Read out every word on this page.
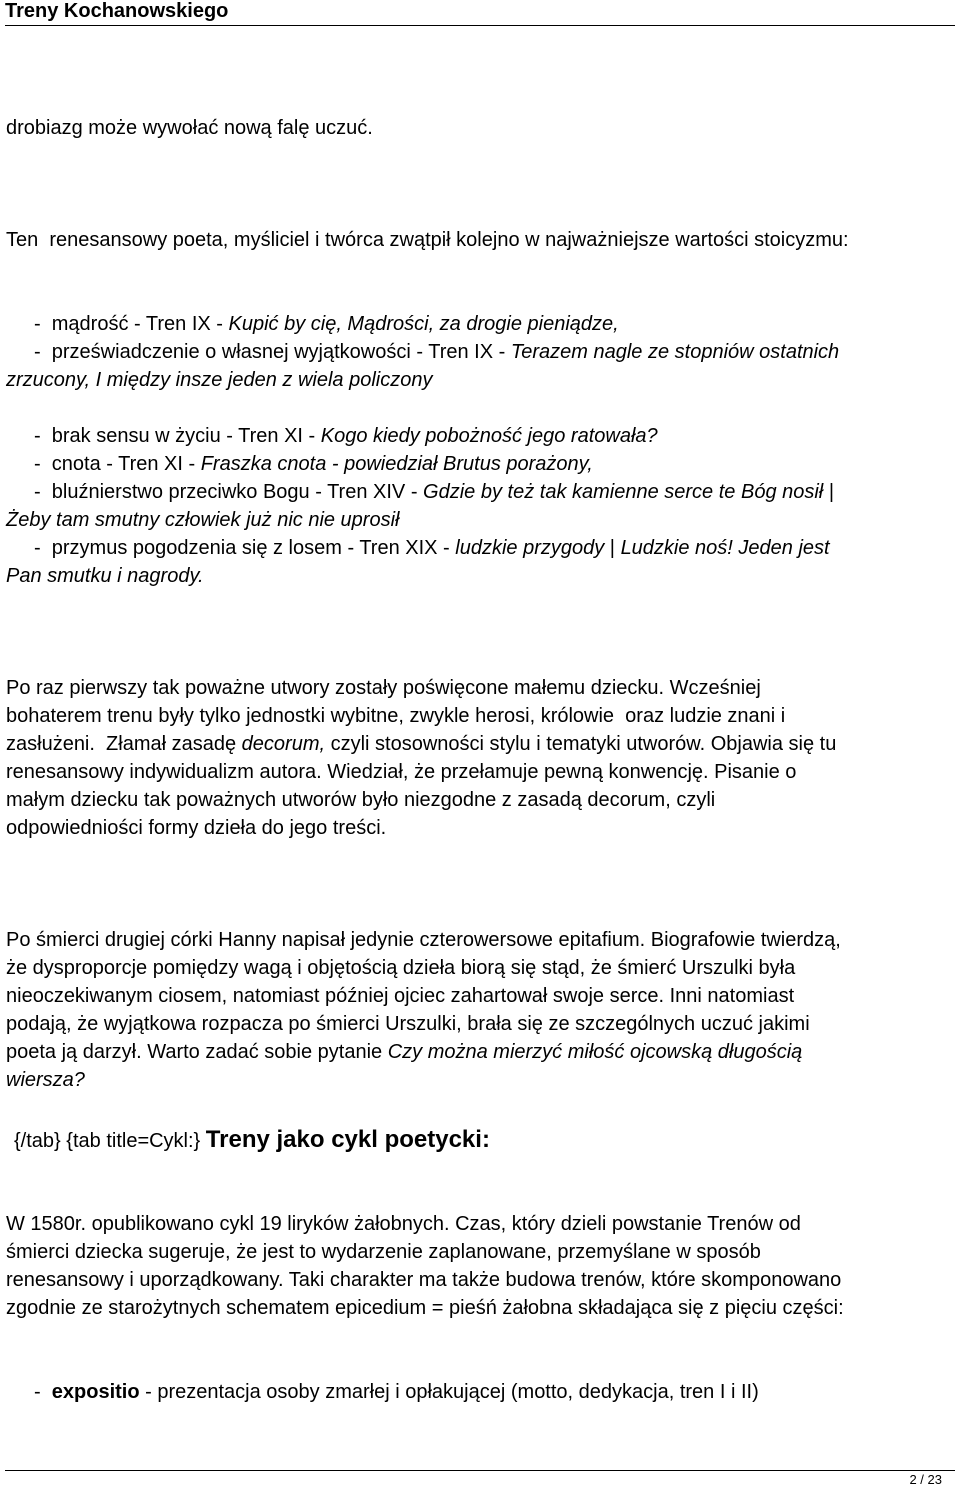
Treny Kochanowskiego
drobiazg może wywołać nową falę uczuć.
Ten  renesansowy poeta, myśliciel i twórca zwątpił kolejno w najważniejsze wartości stoicyzmu:
-  mądrość - Tren IX - Kupić by cię, Mądrości, za drogie pieniądze,
-  przeświadczenie o własnej wyjątkowości - Tren IX - Terazem nagle ze stopniów ostatnich
zrzucony, I między insze jeden z wiela policzony
-  brak sensu w życiu - Tren XI - Kogo kiedy pobożność jego ratowała?
-  cnota - Tren XI - Fraszka cnota - powiedział Brutus porażony,
-  bluźnierstwo przeciwko Bogu - Tren XIV - Gdzie by też tak kamienne serce te Bóg nosił |
Żeby tam smutny człowiek już nic nie uprosił
-  przymus pogodzenia się z losem - Tren XIX - ludzkie przygody | Ludzkie noś! Jeden jest
Pan smutku i nagrody.
Po raz pierwszy tak poważne utwory zostały poświęcone małemu dziecku. Wcześniej
bohaterem trenu były tylko jednostki wybitne, zwykle herosi, królowie  oraz ludzie znani i
zasłużeni.  Złamał zasadę decorum, czyli stosowności stylu i tematyki utworów. Objawia się tu
renesansowy indywidualizm autora. Wiedział, że przełamuje pewną konwencję. Pisanie o
małym dziecku tak poważnych utworów było niezgodne z zasadą decorum, czyli
odpowiedniości formy dzieła do jego treści.
Po śmierci drugiej córki Hanny napisał jedynie czterowersowe epitafium. Biografowie twierdzą,
że dysproporcje pomiędzy wagą i objętością dzieła biorą się stąd, że śmierć Urszulki była
nieoczekiwanym ciosem, natomiast później ojciec zahartował swoje serce. Inni natomiast
podają, że wyjątkowa rozpacza po śmierci Urszulki, brała się ze szczególnych uczuć jakimi
poeta ją darzył. Warto zadać sobie pytanie Czy można mierzyć miłość ojcowską długością
wiersza?
{/tab} {tab title=Cykl:} Treny jako cykl poetycki:
W 1580r. opublikowano cykl 19 liryków żałobnych. Czas, który dzieli powstanie Trenów od
śmierci dziecka sugeruje, że jest to wydarzenie zaplanowane, przemyślane w sposób
renesansowy i uporządkowany. Taki charakter ma także budowa trenów, które skomponowano
zgodnie ze starożytnych schematem epicedium = pieśń żałobna składająca się z pięciu części:
-  expositio - prezentacja osoby zmarłej i opłakującej (motto, dedykacja, tren I i II)
2 / 23
